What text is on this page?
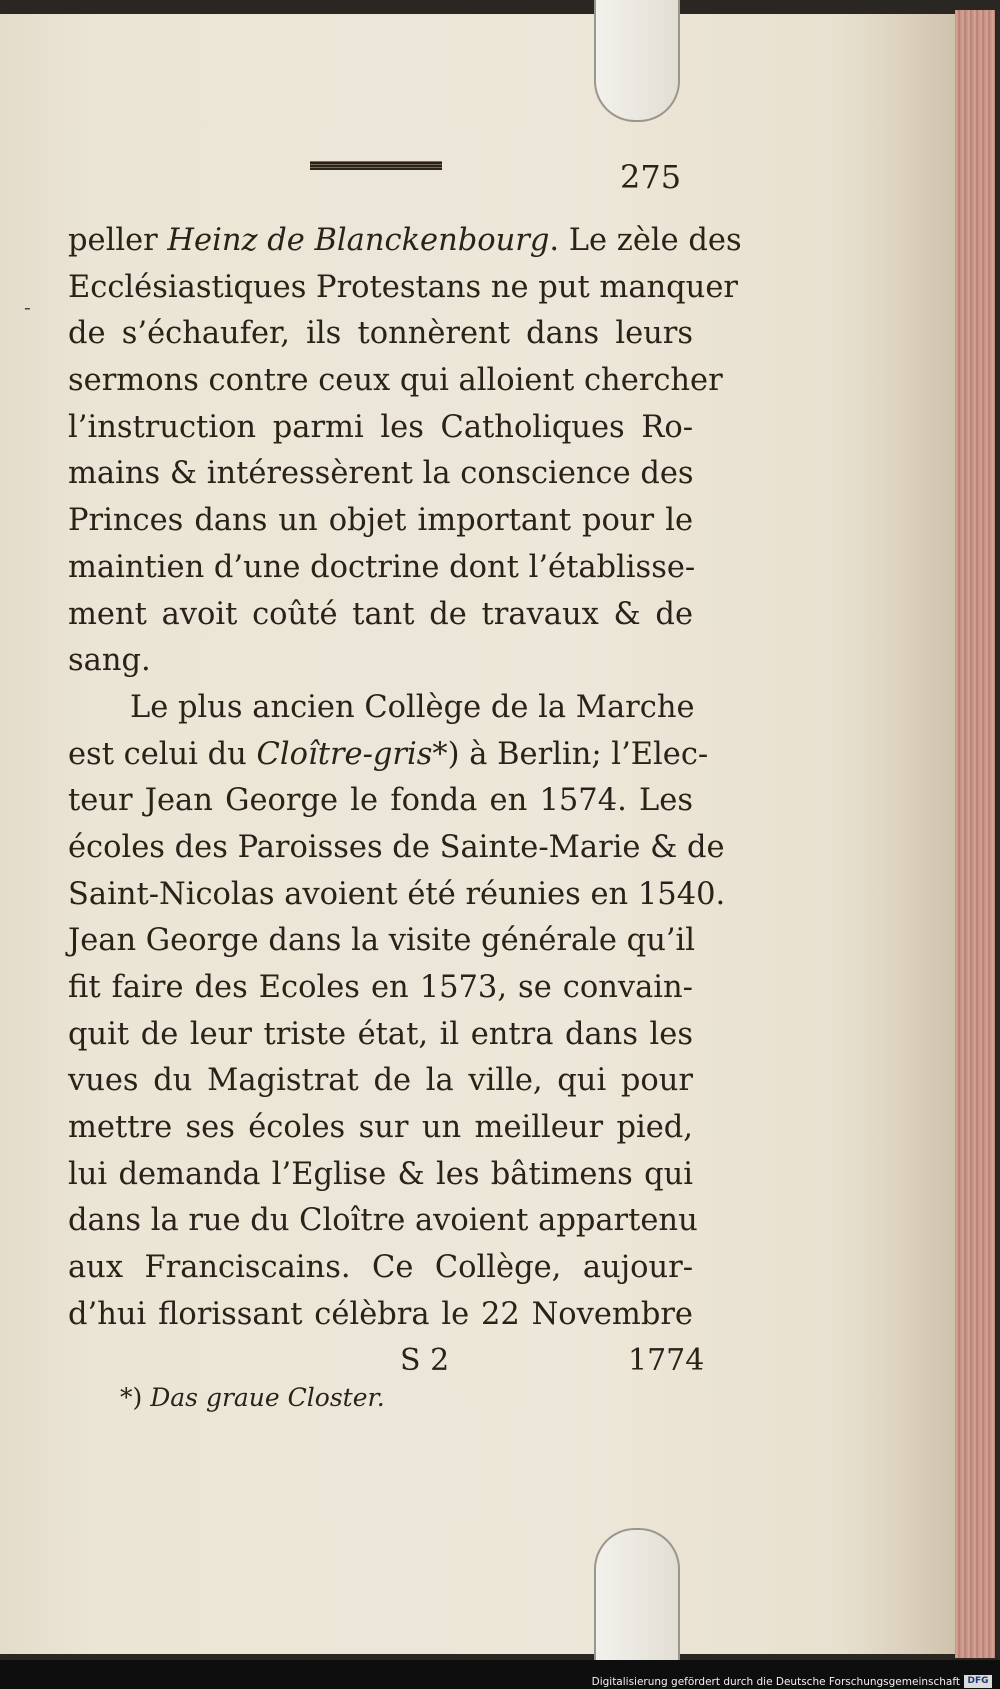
275
-
peller Heinz de Blanckenbourg. Le zèle des
Ecclésiastiques Protestans ne put manquer
de s’échaufer, ils tonnèrent dans leurs
sermons contre ceux qui alloient chercher
l’instruction parmi les Catholiques Ro-
mains & intéressèrent la conscience des
Princes dans un objet important pour le
maintien d’une doctrine dont l’établisse-
ment avoit coûté tant de travaux & de
sang.
Le plus ancien Collège de la Marche
est celui du Cloître-gris*) à Berlin; l’Elec-
teur Jean George le fonda en 1574. Les
écoles des Paroisses de Sainte-Marie & de
Saint-Nicolas avoient été réunies en 1540.
Jean George dans la visite générale qu’il
fit faire des Ecoles en 1573, se convain-
quit de leur triste état, il entra dans les
vues du Magistrat de la ville, qui pour
mettre ses écoles sur un meilleur pied,
lui demanda l’Eglise & les bâtimens qui
dans la rue du Cloître avoient appartenu
aux Franciscains. Ce Collège, aujour-
d’hui florissant célèbra le 22 Novembre
S 2	1774
*) Das graue Closter.
Digitalisierung gefördert durch die Deutsche Forschungsgemeinschaft DFG
